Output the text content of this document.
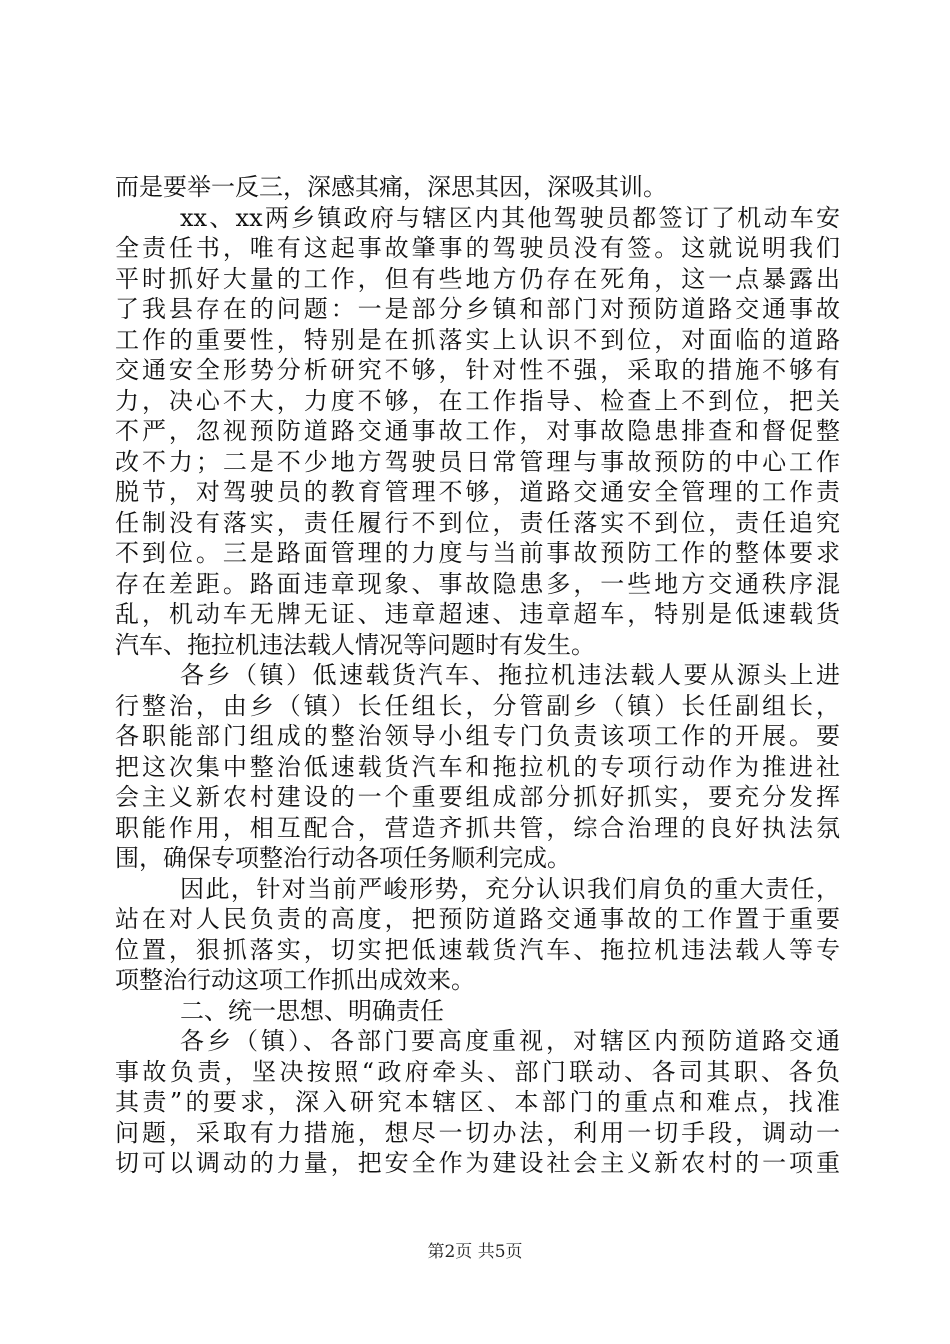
而是要举一反三，深感其痛，深思其因，深吸其训。
xx、xx两乡镇政府与辖区内其他驾驶员都签订了机动车安
全责任书，唯有这起事故肇事的驾驶员没有签。这就说明我们
平时抓好大量的工作，但有些地方仍存在死角，这一点暴露出
了我县存在的问题：一是部分乡镇和部门对预防道路交通事故
工作的重要性，特别是在抓落实上认识不到位，对面临的道路
交通安全形势分析研究不够，针对性不强，采取的措施不够有
力，决心不大，力度不够，在工作指导、检查上不到位，把关
不严，忽视预防道路交通事故工作，对事故隐患排查和督促整
改不力；二是不少地方驾驶员日常管理与事故预防的中心工作
脱节，对驾驶员的教育管理不够，道路交通安全管理的工作责
任制没有落实，责任履行不到位，责任落实不到位，责任追究
不到位。三是路面管理的力度与当前事故预防工作的整体要求
存在差距。路面违章现象、事故隐患多，一些地方交通秩序混
乱，机动车无牌无证、违章超速、违章超车，特别是低速载货
汽车、拖拉机违法载人情况等问题时有发生。
各乡（镇）低速载货汽车、拖拉机违法载人要从源头上进
行整治，由乡（镇）长任组长，分管副乡（镇）长任副组长，
各职能部门组成的整治领导小组专门负责该项工作的开展。要
把这次集中整治低速载货汽车和拖拉机的专项行动作为推进社
会主义新农村建设的一个重要组成部分抓好抓实，要充分发挥
职能作用，相互配合，营造齐抓共管，综合治理的良好执法氛
围，确保专项整治行动各项任务顺利完成。
因此，针对当前严峻形势，充分认识我们肩负的重大责任，
站在对人民负责的高度，把预防道路交通事故的工作置于重要
位置，狠抓落实，切实把低速载货汽车、拖拉机违法载人等专
项整治行动这项工作抓出成效来。
二、统一思想、明确责任
各乡（镇）、各部门要高度重视，对辖区内预防道路交通
事故负责，坚决按照“政府牵头、部门联动、各司其职、各负
其责”的要求，深入研究本辖区、本部门的重点和难点，找准
问题，采取有力措施，想尽一切办法，利用一切手段，调动一
切可以调动的力量，把安全作为建设社会主义新农村的一项重
第2页 共5页
